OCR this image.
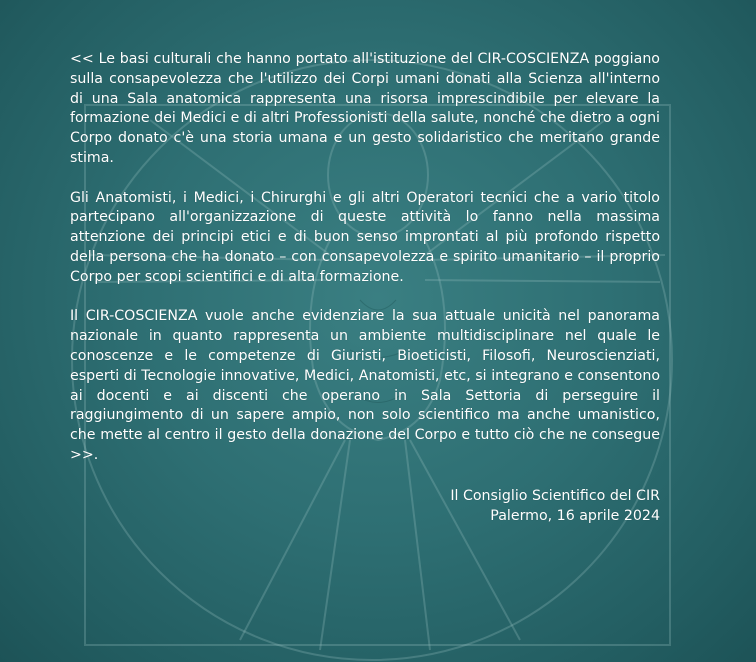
<< Le basi culturali che hanno portato all'istituzione del CIR-COSCIENZA poggiano sulla consapevolezza che l'utilizzo dei Corpi umani donati alla Scienza all'interno di una Sala anatomica rappresenta una risorsa imprescindibile per elevare la formazione dei Medici e di altri Professionisti della salute, nonché che dietro a ogni Corpo donato c'è una storia umana e un gesto solidaristico che meritano grande stima.

Gli Anatomisti, i Medici, i Chirurghi e gli altri Operatori tecnici che a vario titolo partecipano all'organizzazione di queste attività lo fanno nella massima attenzione dei principi etici e di buon senso improntati al più profondo rispetto della persona che ha donato – con consapevolezza e spirito umanitario – il proprio Corpo per scopi scientifici e di alta formazione.

Il CIR-COSCIENZA vuole anche evidenziare la sua attuale unicità nel panorama nazionale in quanto rappresenta un ambiente multidisciplinare nel quale le conoscenze e le competenze di Giuristi, Bioeticisti, Filosofi, Neuroscienziati, esperti di Tecnologie innovative, Medici, Anatomisti, etc, si integrano e consentono ai docenti e ai discenti che operano in Sala Settoria di perseguire il raggiungimento di un sapere ampio, non solo scientifico ma anche umanistico, che mette al centro il gesto della donazione del Corpo e tutto ciò che ne consegue >>.

Il Consiglio Scientifico del CIR
Palermo, 16 aprile 2024
